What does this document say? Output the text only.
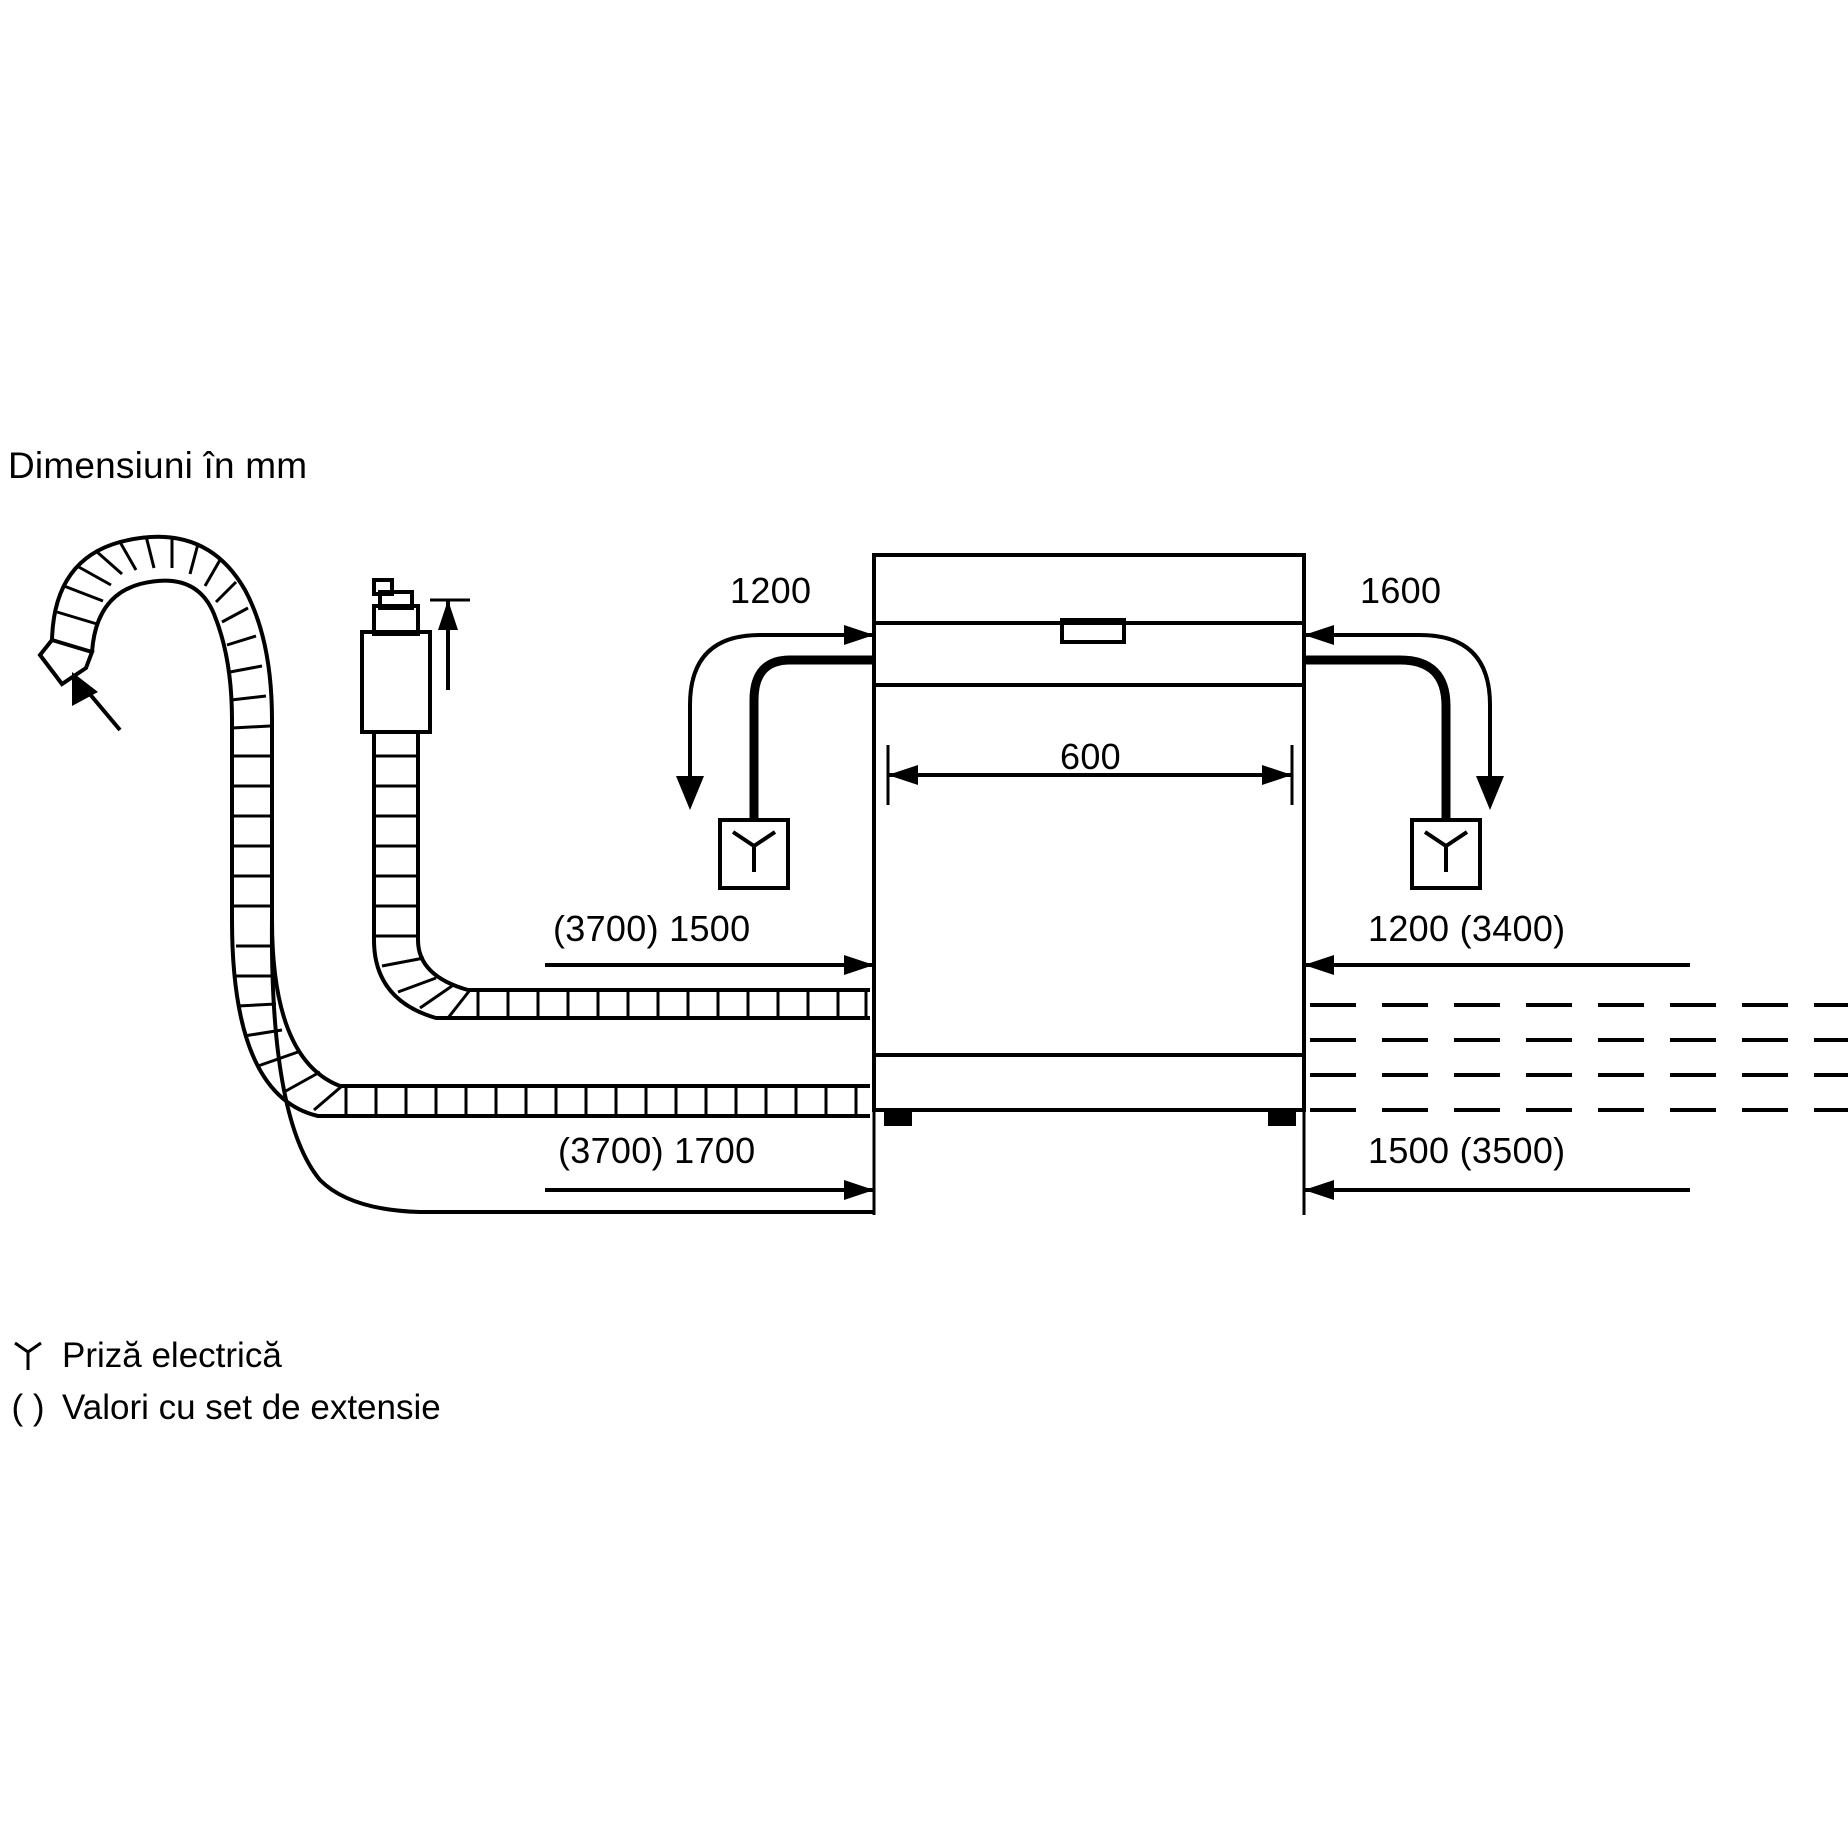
Dimensiuni în mm
600
1200	1600
(3700) 1500	1200 (3400)
(3700) 1700	1500 (3500)
Priză electrică
( ) Valori cu set de extensie
